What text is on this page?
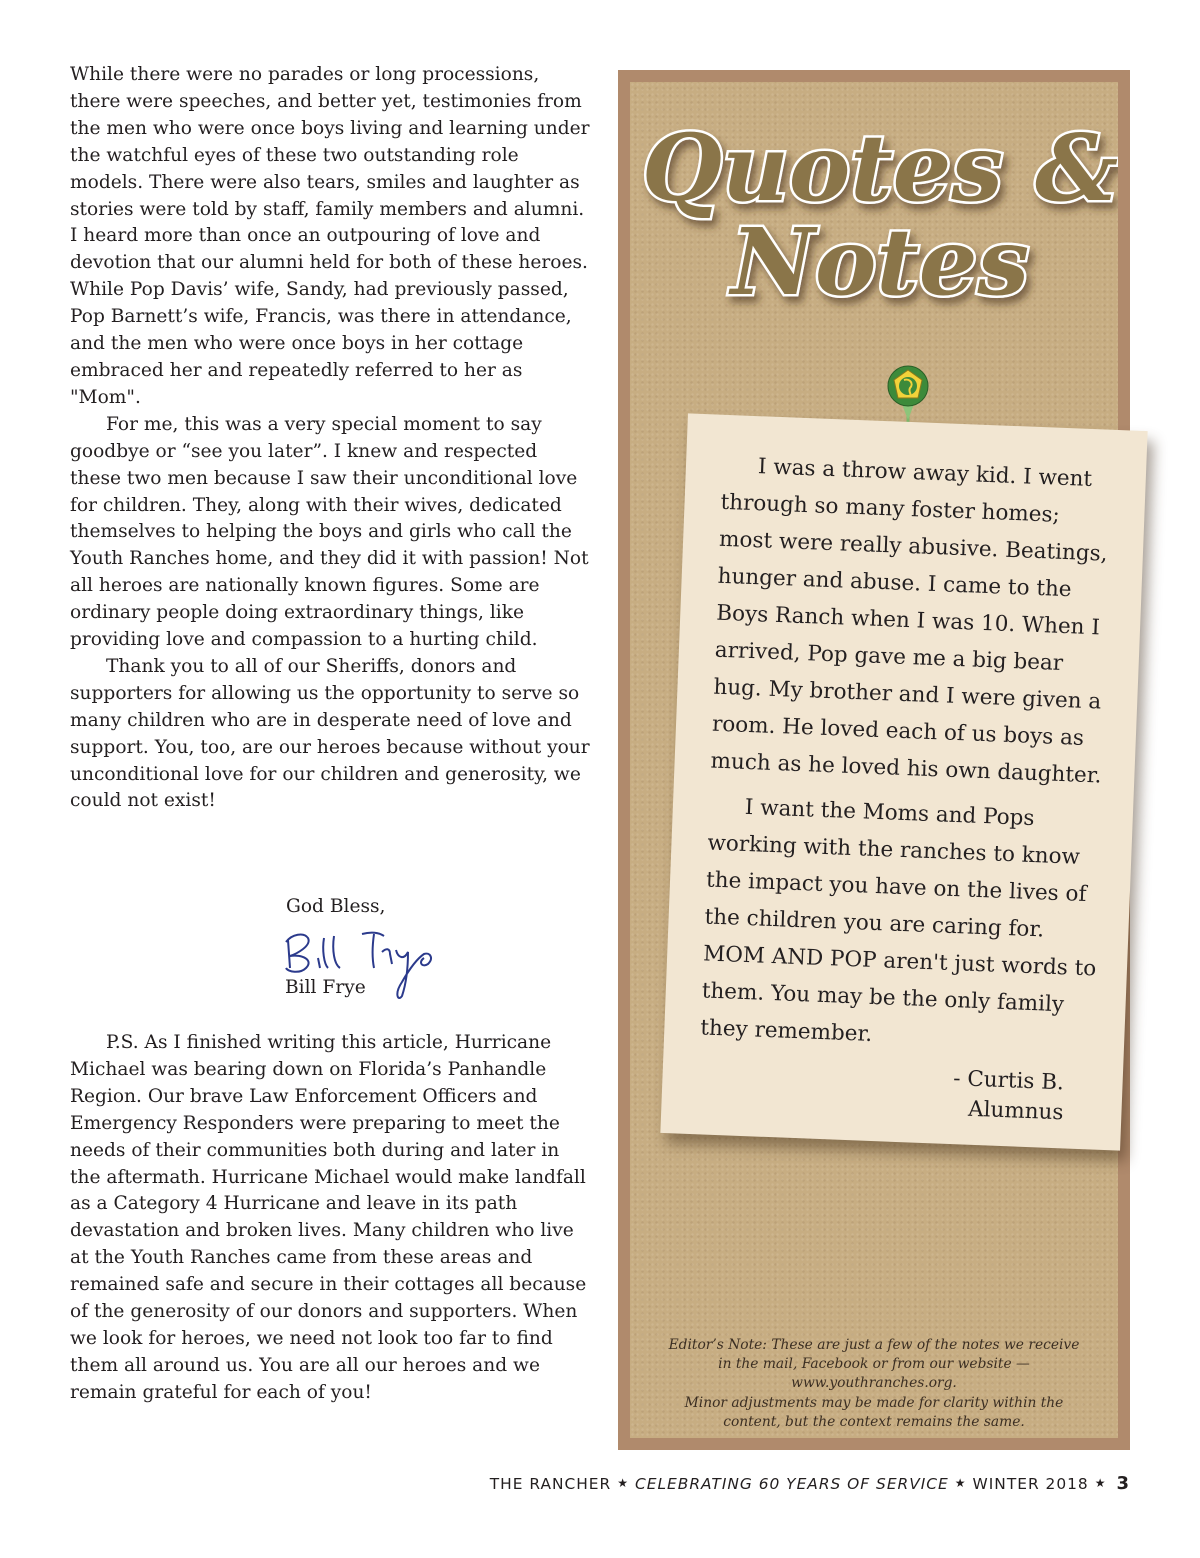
While there were no parades or long processions, there were speeches, and better yet, testimonies from the men who were once boys living and learning under the watchful eyes of these two outstanding role models. There were also tears, smiles and laughter as stories were told by staff, family members and alumni. I heard more than once an outpouring of love and devotion that our alumni held for both of these heroes. While Pop Davis’ wife, Sandy, had previously passed, Pop Barnett’s wife, Francis, was there in attendance, and the men who were once boys in her cottage embraced her and repeatedly referred to her as "Mom".

For me, this was a very special moment to say goodbye or “see you later”. I knew and respected these two men because I saw their unconditional love for children. They, along with their wives, dedicated themselves to helping the boys and girls who call the Youth Ranches home, and they did it with passion! Not all heroes are nationally known figures. Some are ordinary people doing extraordinary things, like providing love and compassion to a hurting child.

Thank you to all of our Sheriffs, donors and supporters for allowing us the opportunity to serve so many children who are in desperate need of love and support. You, too, are our heroes because without your unconditional love for our children and generosity, we could not exist!

God Bless,
Bill Frye

P.S. As I finished writing this article, Hurricane Michael was bearing down on Florida’s Panhandle Region. Our brave Law Enforcement Officers and Emergency Responders were preparing to meet the needs of their communities both during and later in the aftermath. Hurricane Michael would make landfall as a Category 4 Hurricane and leave in its path devastation and broken lives. Many children who live at the Youth Ranches came from these areas and remained safe and secure in their cottages all because of the generosity of our donors and supporters. When we look for heroes, we need not look too far to find them all around us. You are all our heroes and we remain grateful for each of you!

Quotes &
Notes

I was a throw away kid. I went through so many foster homes; most were really abusive. Beatings, hunger and abuse. I came to the Boys Ranch when I was 10. When I arrived, Pop gave me a big bear hug. My brother and I were given a room. He loved each of us boys as much as he loved his own daughter.

I want the Moms and Pops working with the ranches to know the impact you have on the lives of the children you are caring for. MOM AND POP aren't just words to them. You may be the only family they remember.

- Curtis B.
Alumnus
Editor’s Note: These are just a few of the notes we receive
in the mail, Facebook or from our website —
www.youthranches.org.
Minor adjustments may be made for clarity within the
content, but the context remains the same.
THE RANCHER ★ CELEBRATING 60 YEARS OF SERVICE ★ WINTER 2018 ★ 3
